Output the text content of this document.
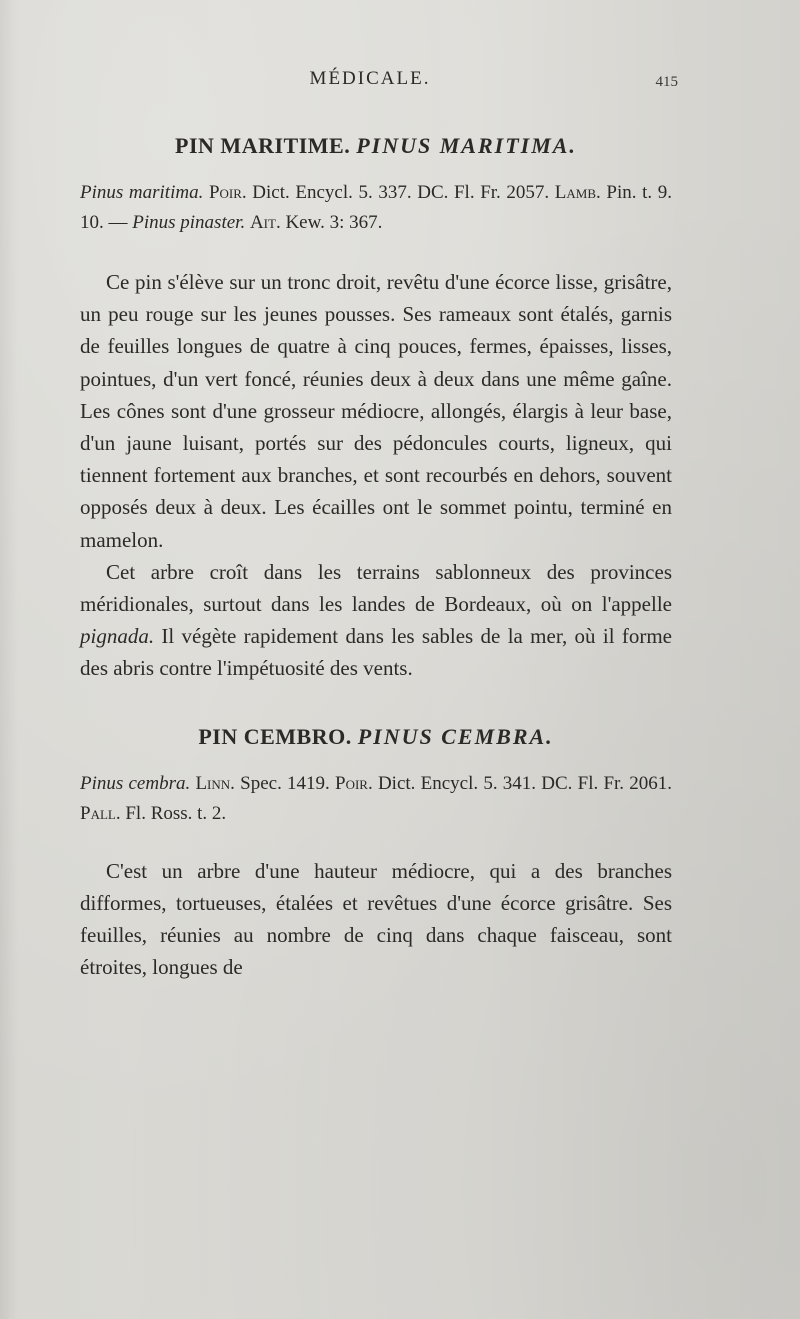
MÉDICALE.	415
PIN MARITIME. PINUS MARITIMA.

Pinus maritima. Poir. Dict. Encycl. 5. 337. DC. Fl. Fr. 2057. Lamb. Pin. t. 9. 10. — Pinus pinaster. Ait. Kew. 3: 367.

Ce pin s'élève sur un tronc droit, revêtu d'une écorce lisse, grisâtre, un peu rouge sur les jeunes pousses. Ses rameaux sont étalés, garnis de feuilles longues de quatre à cinq pouces, fermes, épaisses, lisses, pointues, d'un vert foncé, réunies deux à deux dans une même gaîne. Les cônes sont d'une grosseur médiocre, allongés, élargis à leur base, d'un jaune luisant, portés sur des pédoncules courts, ligneux, qui tiennent fortement aux branches, et sont recourbés en dehors, souvent opposés deux à deux. Les écailles ont le sommet pointu, terminé en mamelon.

Cet arbre croît dans les terrains sablonneux des provinces méridionales, surtout dans les landes de Bordeaux, où on l'appelle pignada. Il végète rapidement dans les sables de la mer, où il forme des abris contre l'impétuosité des vents.

PIN CEMBRO. PINUS CEMBRA.

Pinus cembra. Linn. Spec. 1419. Poir. Dict. Encycl. 5. 341. DC. Fl. Fr. 2061. Pall. Fl. Ross. t. 2.

C'est un arbre d'une hauteur médiocre, qui a des branches difformes, tortueuses, étalées et revêtues d'une écorce grisâtre. Ses feuilles, réunies au nombre de cinq dans chaque faisceau, sont étroites, longues de
